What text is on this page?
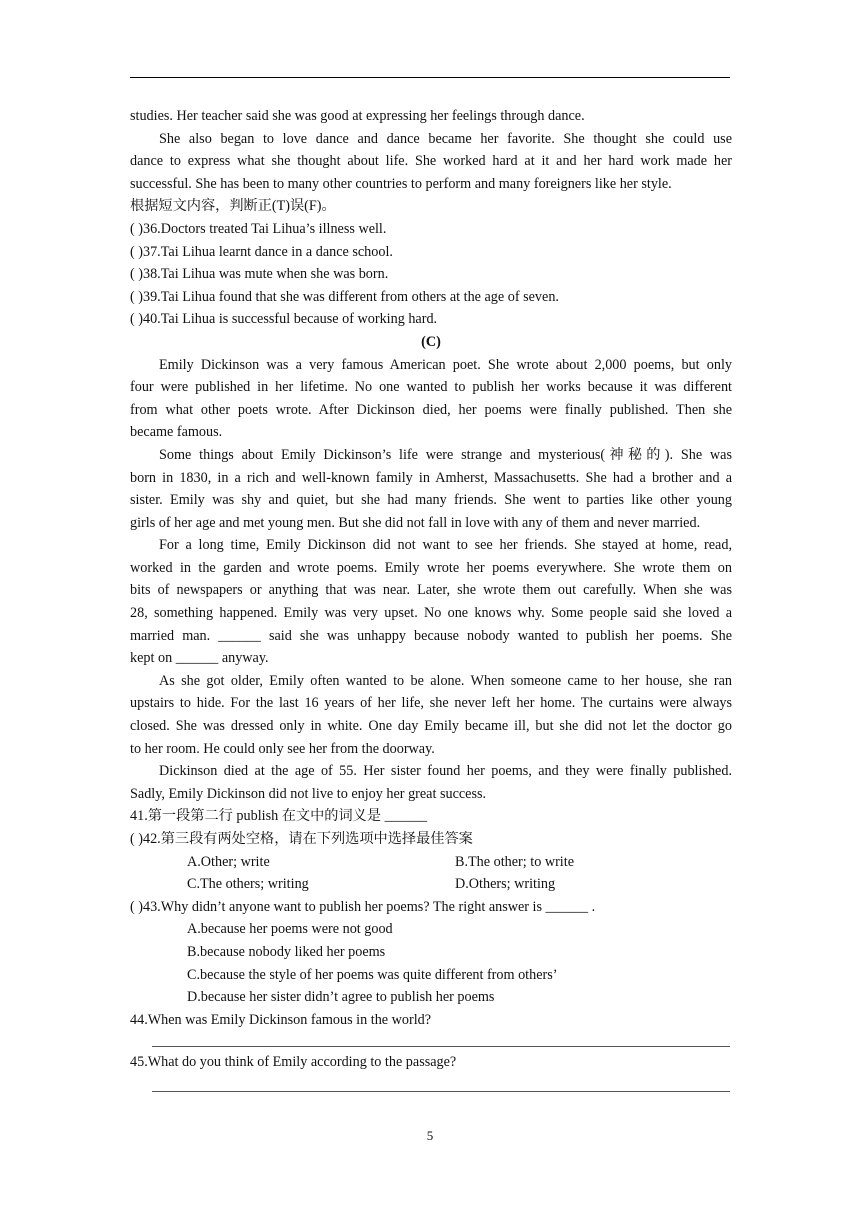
studies. Her teacher said she was good at expressing her feelings through dance.
She also began to love dance and dance became her favorite. She thought she could use
dance to express what she thought about life. She worked hard at it and her hard work made her
successful. She has been to many other countries to perform and many foreigners like her style.
根据短文内容，判断正(T)误(F)。
( )36.Doctors treated Tai Lihua’s illness well.
( )37.Tai Lihua learnt dance in a dance school.
( )38.Tai Lihua was mute when she was born.
( )39.Tai Lihua found that she was different from others at the age of seven.
( )40.Tai Lihua is successful because of working hard.
(C)
Emily Dickinson was a very famous American poet. She wrote about 2,000 poems, but only
four were published in her lifetime. No one wanted to publish her works because it was different
from what other poets wrote. After Dickinson died, her poems were finally published. Then she
became famous.
Some things about Emily Dickinson’s life were strange and mysterious(神秘的). She was
born in 1830, in a rich and well-known family in Amherst, Massachusetts. She had a brother and a
sister. Emily was shy and quiet, but she had many friends. She went to parties like other young
girls of her age and met young men. But she did not fall in love with any of them and never married.
For a long time, Emily Dickinson did not want to see her friends. She stayed at home, read,
worked in the garden and wrote poems. Emily wrote her poems everywhere. She wrote them on
bits of newspapers or anything that was near. Later, she wrote them out carefully. When she was
28, something happened. Emily was very upset. No one knows why. Some people said she loved a
married man. ______ said she was unhappy because nobody wanted to publish her poems. She
kept on ______ anyway.
As she got older, Emily often wanted to be alone. When someone came to her house, she ran
upstairs to hide. For the last 16 years of her life, she never left her home. The curtains were always
closed. She was dressed only in white. One day Emily became ill, but she did not let the doctor go
to her room. He could only see her from the doorway.
Dickinson died at the age of 55. Her sister found her poems, and they were finally published.
Sadly, Emily Dickinson did not live to enjoy her great success.
41.第一段第二行 publish 在文中的词义是 ______
( )42.第三段有两处空格，请在下列选项中选择最佳答案
A.Other; write	B.The other; to write
C.The others; writing	D.Others; writing
( )43.Why didn’t anyone want to publish her poems? The right answer is ______ .
A.because her poems were not good
B.because nobody liked her poems
C.because the style of her poems was quite different from others’
D.because her sister didn’t agree to publish her poems
44.When was Emily Dickinson famous in the world?
45.What do you think of Emily according to the passage?
5
